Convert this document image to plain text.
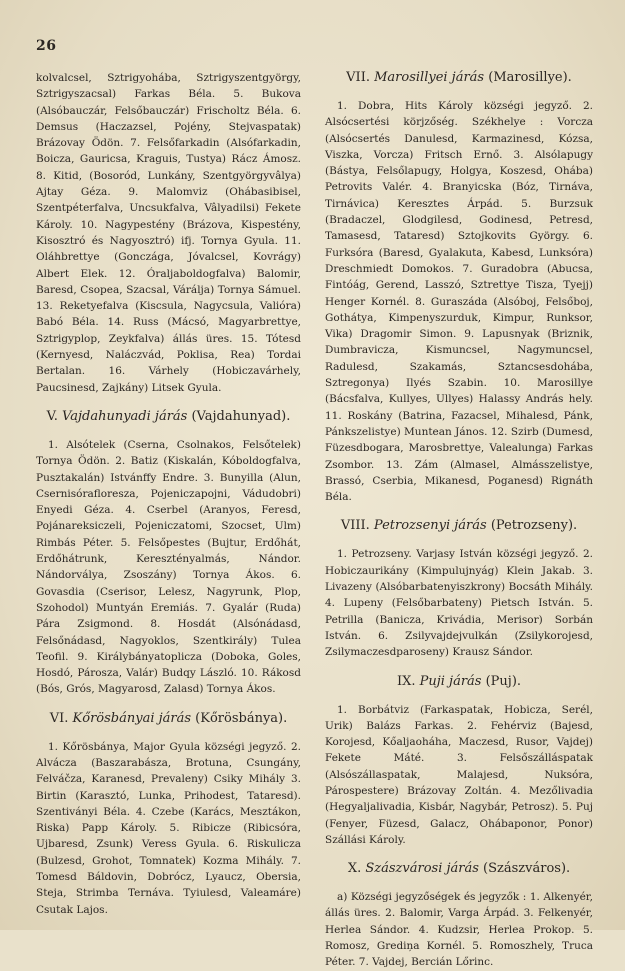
26

kolvalcsel, Sztrigyohába, Sztrigyszentgyörgy, Sztrigyszacsal) Farkas Béla. 5. Bukova (Alsóbauczár, Felsőbauczár) Frischoltz Béla. 6. Demsus (Haczazsel, Pojény, Stejvaspatak) Brázovay Ödön. 7. Felsőfarkadin (Alsófarkadin, Boicza, Gauricsa, Kraguis, Tustya) Rácz Ámosz. 8. Kitid, (Bosoród, Lunkány, Szentgyörgyvâlya) Ajtay Géza. 9. Malomviz (Ohábasibisel, Szentpéterfalva, Uncsukfalva, Vâlyadilsi) Fekete Károly. 10. Nagypestény (Brázova, Kispestény, Kisosztró és Nagyosztró) ifj. Tornya Gyula. 11. Oláhbrettye (Gonczága, Jóvalcsel, Kovrágy) Albert Elek. 12. Óraljaboldogfalva) Balomir, Baresd, Csopea, Szacsal, Várálja) Tornya Sámuel. 13. Reketyefalva (Kiscsula, Nagycsula, Valióra) Babó Béla. 14. Russ (Mácsó, Magyarbrettye, Sztrigyplop, Zeykfalva) állás üres. 15. Tótesd (Kernyesd, Naláczvád, Poklisa, Rea) Tordai Bertalan. 16. Várhely (Hobiczavárhely, Paucsinesd, Zajkány) Litsek Gyula.

V. Vajdahunyadi járás (Vajdahunyad).

1. Alsótelek (Cserna, Csolnakos, Felsőtelek) Tornya Ödön. 2. Batiz (Kiskalán, Kóboldogfalva, Pusztakalán) Istvánffy Endre. 3. Bunyilla (Alun, Csernisórafloresza, Pojeniczapojni, Vádudobri) Enyedi Géza. 4. Cserbel (Aranyos, Feresd, Pojánareksiczeli, Pojeniczatomi, Szocset, Ulm) Rimbás Péter. 5. Felsőpestes (Bujtur, Erdőhát, Erdőhátrunk, Keresztényalmás, Nándor. Nándorválya, Zsoszány) Tornya Ákos. 6. Govasdia (Cserisor, Lelesz, Nagyrunk, Plop, Szohodol) Muntyán Eremiás. 7. Gyalár (Ruda) Pára Zsigmond. 8. Hosdát (Alsónádasd, Felsőnádasd, Nagyoklos, Szentkirály) Tulea Teofil. 9. Királybányatoplicza (Doboka, Goles, Hosdó, Párosza, Valár) Budqy László. 10. Rákosd (Bós, Grós, Magyarosd, Zalasd) Tornya Ákos.

VI. Kőrösbányai járás (Kőrösbánya).

1. Kőrösbánya, Major Gyula községi jegyző. 2. Alvácza (Baszarabásza, Brotuna, Csungány, Felváčza, Karanesd, Prevaleny) Csiky Mihály 3. Birtin (Karasztó, Lunka, Prihodest, Tataresd). Szentiványi Béla. 4. Czebe (Karács, Mesztákon, Riska) Papp Károly. 5. Ribicze (Ribicsóra, Ujbaresd, Zsunk) Veress Gyula. 6. Riskulicza (Bulzesd, Grohot, Tomnatek) Kozma Mihály. 7. Tomesd Báldovin, Dobrócz, Lyaucz, Obersia, Steja, Strimba Ternáva. Tyiulesd, Valeamáre) Csutak Lajos.

VII. Marosillyei járás (Marosillye).

1. Dobra, Hits Károly községi jegyző. 2. Alsócsertési körjzőség. Székhelye : Vorcza (Alsócsertés Danulesd, Karmazinesd, Kózsa, Viszka, Vorcza) Fritsch Ernő. 3. Alsólapugy (Bástya, Felsőlapugy, Holgya, Koszesd, Ohába) Petrovits Valér. 4. Branyicska (Bóz, Tirnáva, Tirnávica) Keresztes Árpád. 5. Burzsuk (Bradaczel, Glodgilesd, Godinesd, Petresd, Tamasesd, Tataresd) Sztojkovits György. 6. Furksóra (Baresd, Gyalakuta, Kabesd, Lunksóra) Dreschmiedt Domokos. 7. Guradobra (Abucsa, Fintóág, Gerend, Lasszó, Sztrettye Tisza, Tyejj) Henger Kornél. 8. Guraszáda (Alsóboj, Felsőboj, Gothátya, Kimpenyszurduk, Kimpur, Runksor, Vika) Dragomir Simon. 9. Lapusnyak (Briznik, Dumbravicza, Kismuncsel, Nagymuncsel, Radulesd, Szakamás, Sztancsesdohába, Sztregonya) Ilyés Szabin. 10. Marosillye (Bácsfalva, Kullyes, Ullyes) Halassy András hely. 11. Roskány (Batrina, Fazacsel, Mihalesd, Pánk, Pánkszelistye) Muntean János. 12. Szirb (Dumesd, Füzesdbogara, Marosbrettye, Valealunga) Farkas Zsombor. 13. Zám (Almasel, Almásszelistye, Brassó, Cserbia, Mikanesd, Poganesd) Rignáth Béla.

VIII. Petrozsenyi járás (Petrozseny).

1. Petrozseny. Varjasy István községi jegyző. 2. Hobiczaurikány (Kimpulujnyág) Klein Jakab. 3. Livazeny (Alsóbarbatenyiszkrony) Bocsáth Mihály. 4. Lupeny (Felsőbarbateny) Pietsch István. 5. Petrilla (Banicza, Krivádia, Merisor) Sorbán István. 6. Zsilyvajdejvulkán (Zsilykorojesd, Zsilymaczesdparoseny) Krausz Sándor.

IX. Puji járás (Puj).

1. Borbátviz (Farkaspatak, Hobicza, Serél, Urik) Balázs Farkas. 2. Fehérviz (Bajesd, Korojesd, Kőaljaoháha, Maczesd, Rusor, Vajdej) Fekete Máté. 3. Felsőszálláspatak (Alsószállaspatak, Malajesd, Nuksóra, Párospestere) Brázovay Zoltán. 4. Mezőlivadia (Hegyaljalivadia, Kisbár, Nagybár, Petrosz). 5. Puj (Fenyer, Füzesd, Galacz, Ohábaponor, Ponor) Szállási Károly.

X. Szászvárosi járás (Szászváros).

a) Községi jegyzőségek és jegyzők : 1. Alkenyér, állás üres. 2. Balomir, Varga Árpád. 3. Felkenyér, Herlea Sándor. 4. Kudzsir, Herlea Prokop. 5. Romosz, Grediņa Kornél. 5. Romoszhely, Truca Péter. 7. Vajdej, Bercián Lőrinc.
